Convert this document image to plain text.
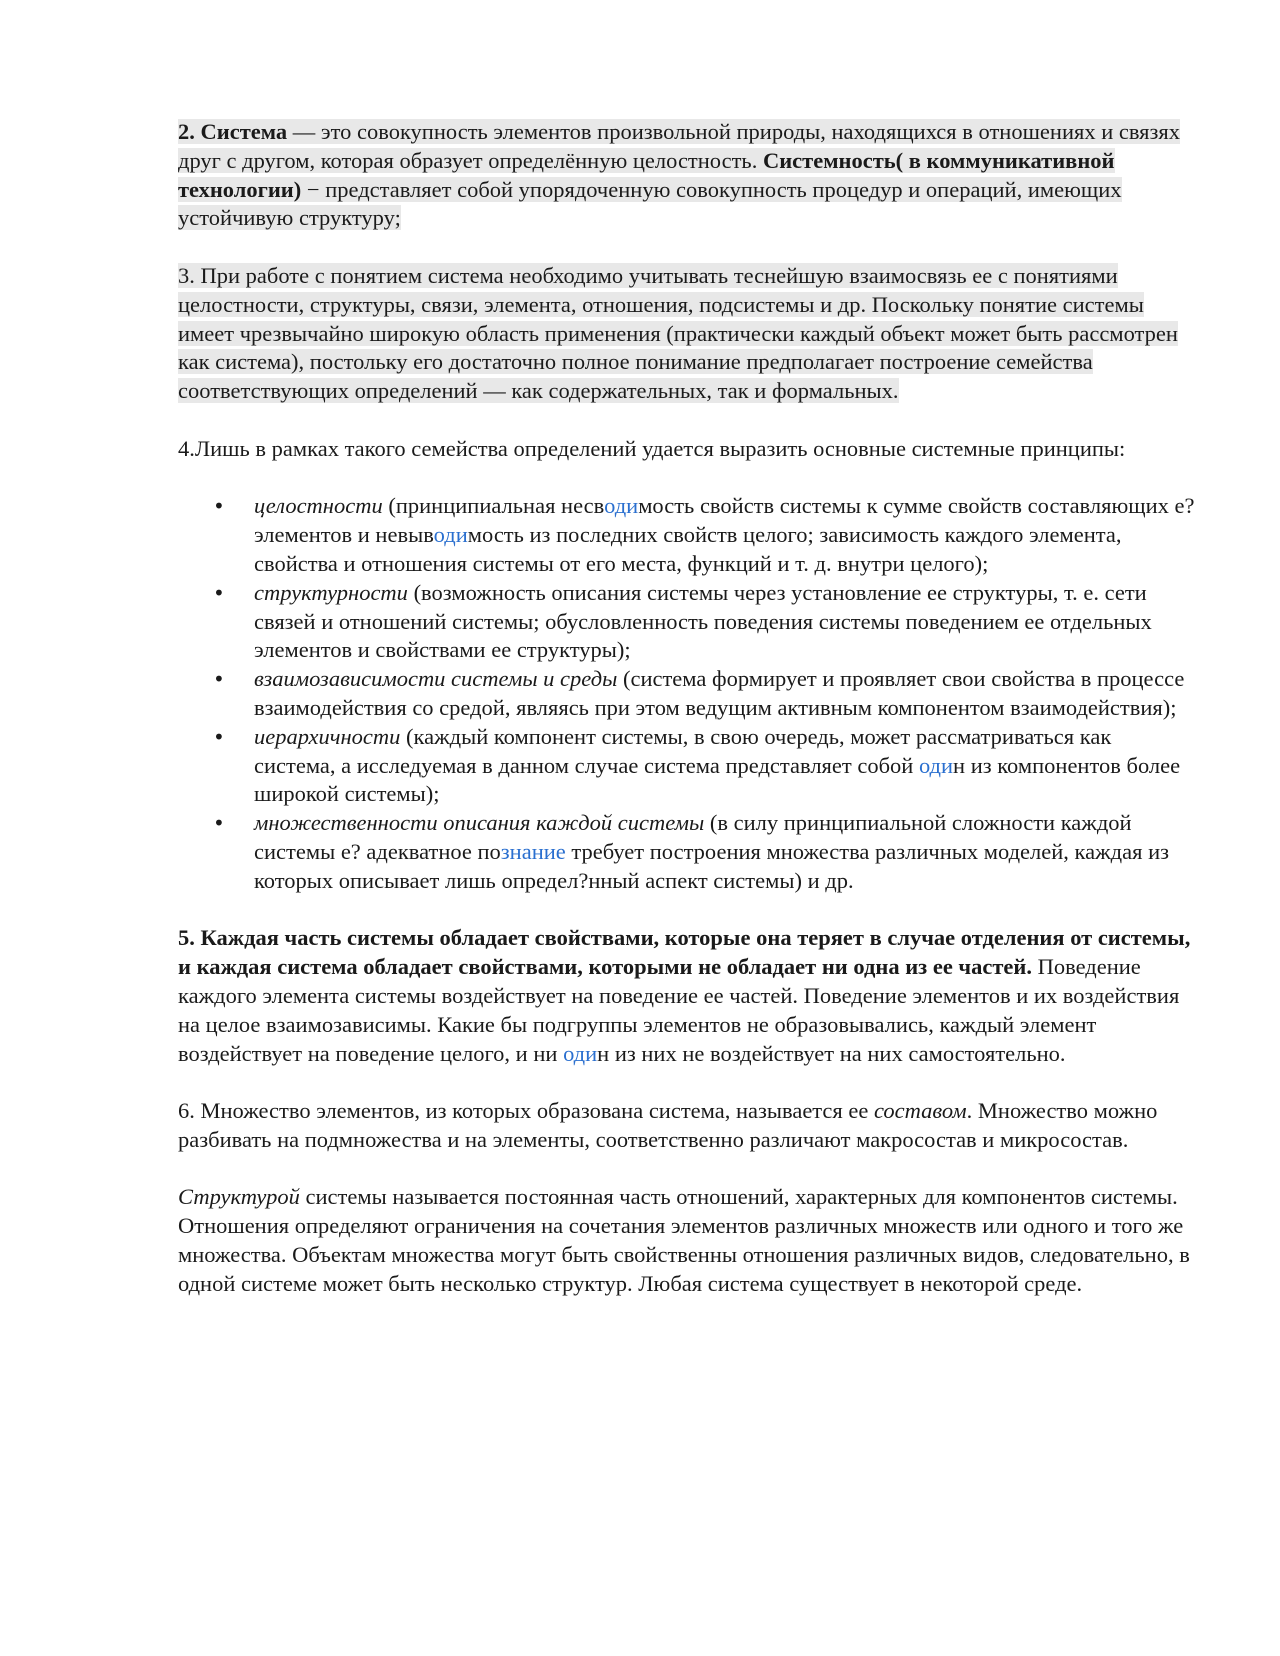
2. Система — это совокупность элементов произвольной природы, находящихся в отношениях и связях друг с другом, которая образует определённую целостность. Системность( в коммуникативной технологии) − представляет собой упорядоченную совокупность процедур и операций, имеющих устойчивую структуру;

3. При работе с понятием система необходимо учитывать теснейшую взаимосвязь ее с понятиями целостности, структуры, связи, элемента, отношения, подсистемы и др. Поскольку понятие системы имеет чрезвычайно широкую область применения (практически каждый объект может быть рассмотрен как система), постольку его достаточно полное понимание предполагает построение семейства соответствующих определений — как содержательных, так и формальных.

4.Лишь в рамках такого семейства определений удается выразить основные системные принципы:

• целостности (принципиальная несводимость свойств системы к сумме свойств составляющих е? элементов и невыводимость из последних свойств целого; зависимость каждого элемента, свойства и отношения системы от его места, функций и т. д. внутри целого);
• структурности (возможность описания системы через установление ее структуры, т. е. сети связей и отношений системы; обусловленность поведения системы поведением ее отдельных элементов и свойствами ее структуры);
• взаимозависимости системы и среды (система формирует и проявляет свои свойства в процессе взаимодействия со средой, являясь при этом ведущим активным компонентом взаимодействия);
• иерархичности (каждый компонент системы, в свою очередь, может рассматриваться как система, а исследуемая в данном случае система представляет собой один из компонентов более широкой системы);
• множественности описания каждой системы (в силу принципиальной сложности каждой системы е? адекватное познание требует построения множества различных моделей, каждая из которых описывает лишь определ?нный аспект системы) и др.

5. Каждая часть системы обладает свойствами, которые она теряет в случае отделения от системы, и каждая система обладает свойствами, которыми не обладает ни одна из ее частей. Поведение каждого элемента системы воздействует на поведение ее частей. Поведение элементов и их воздействия на целое взаимозависимы. Какие бы подгруппы элементов не образовывались, каждый элемент воздействует на поведение целого, и ни один из них не воздействует на них самостоятельно.

6. Множество элементов, из которых образована система, называется ее составом. Множество можно разбивать на подмножества и на элементы, соответственно различают макросостав и микросостав.

Структурой системы называется постоянная часть отношений, характерных для компонентов системы. Отношения определяют ограничения на сочетания элементов различных множеств или одного и того же множества. Объектам множества могут быть свойственны отношения различных видов, следовательно, в одной системе может быть несколько структур. Любая система существует в некоторой среде.
